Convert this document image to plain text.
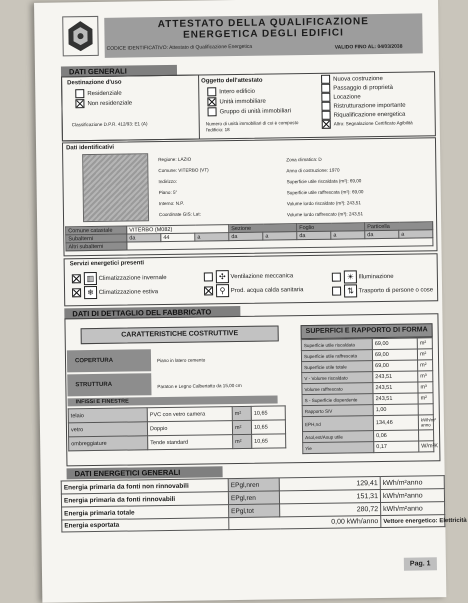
ATTESTATO DELLA QUALIFICAZIONE
ENERGETICA DEGLI EDIFICI
CODICE IDENTIFICATIVO: Attestato di Qualificazione Energetica	VALIDO FINO AL: 04/03/2038
DATI GENERALI
Destinazione d'uso
Residenziale
Non residenziale
Classificazione D.P.R. 412/93: E1 (A)
Oggetto dell'attestato
Intero edificio
Unità immobiliare
Gruppo di unità immobiliari
Numero di unità immobiliari di cui è composto l'edificio: 18
Nuova costruzione
Passaggio di proprietà
Locazione
Ristrutturazione importante
Riqualificazione energetica
Altro: Segnalazione Certificato Agibilità
Dati identificativi
Regione: LAZIO
Comune: VITERBO (VT)
Indirizzo:
Piano: 5°
Interno: N.P.
Coordinate GIS: Lat:
Zona climatica: D
Anno di costruzione: 1970
Superficie utile riscaldata (m²): 69,00
Superficie utile raffrescata (m²): 69,00
Volume lordo riscaldato (m³): 243,51
Volume lordo raffrescato (m³): 243,51
Comune catastale	VITERBO (M082)			Sezione		Foglio		Particella	
Subalterni	da	44	a	da	a	da	a	da	a
Altri subalterni									
Servizi energetici presenti
▥ Climatizzazione invernale
❄ Climatizzazione estiva
✣ Ventilazione meccanica
⚲ Prod. acqua calda sanitaria
☀ Illuminazione
⇅ Trasporto di persone o cose
DATI DI DETTAGLIO DEL FABBRICATO
CARATTERISTICHE COSTRUTTIVE	SUPERFICI E RAPPORTO DI FORMA
COPERTURA	Piano in latero cemento
STRUTTURA	Paraton e Legno Calbertatto da 15,00 cm
INFISSI E FINESTRE
telaio	PVC con vetro camera	m²	10,65
vetro	Doppio	m²	10,65
ombreggiature	Tende standard	m²	10,65
Superficie utile riscaldata	69,00	m²
Superficie utile raffrescata	69,00	m²
Superficie utile totale	69,00	m²
V - Volume riscaldato	243,51	m³
Volume raffrescato	243,51	m³
S - Superficie disperdente	243,51	m²
Rapporto S/V	1,00	
EPH,nd	134,46	kWh/m² anno
Asol,est/Asup utile	0,06	
Yie	0,17	W/m²K
DATI ENERGETICI GENERALI
Energia primaria da fonti non rinnovabili	EPgl,nren	129,41	kWh/m²anno
Energia primaria da fonti rinnovabili	EPgl,ren	151,31	kWh/m²anno
Energia primaria totale	EPgl,tot	280,72	kWh/m²anno
Energia esportata	0,00 kWh/anno		Vettore energetico: Elettricità
Pag. 1
